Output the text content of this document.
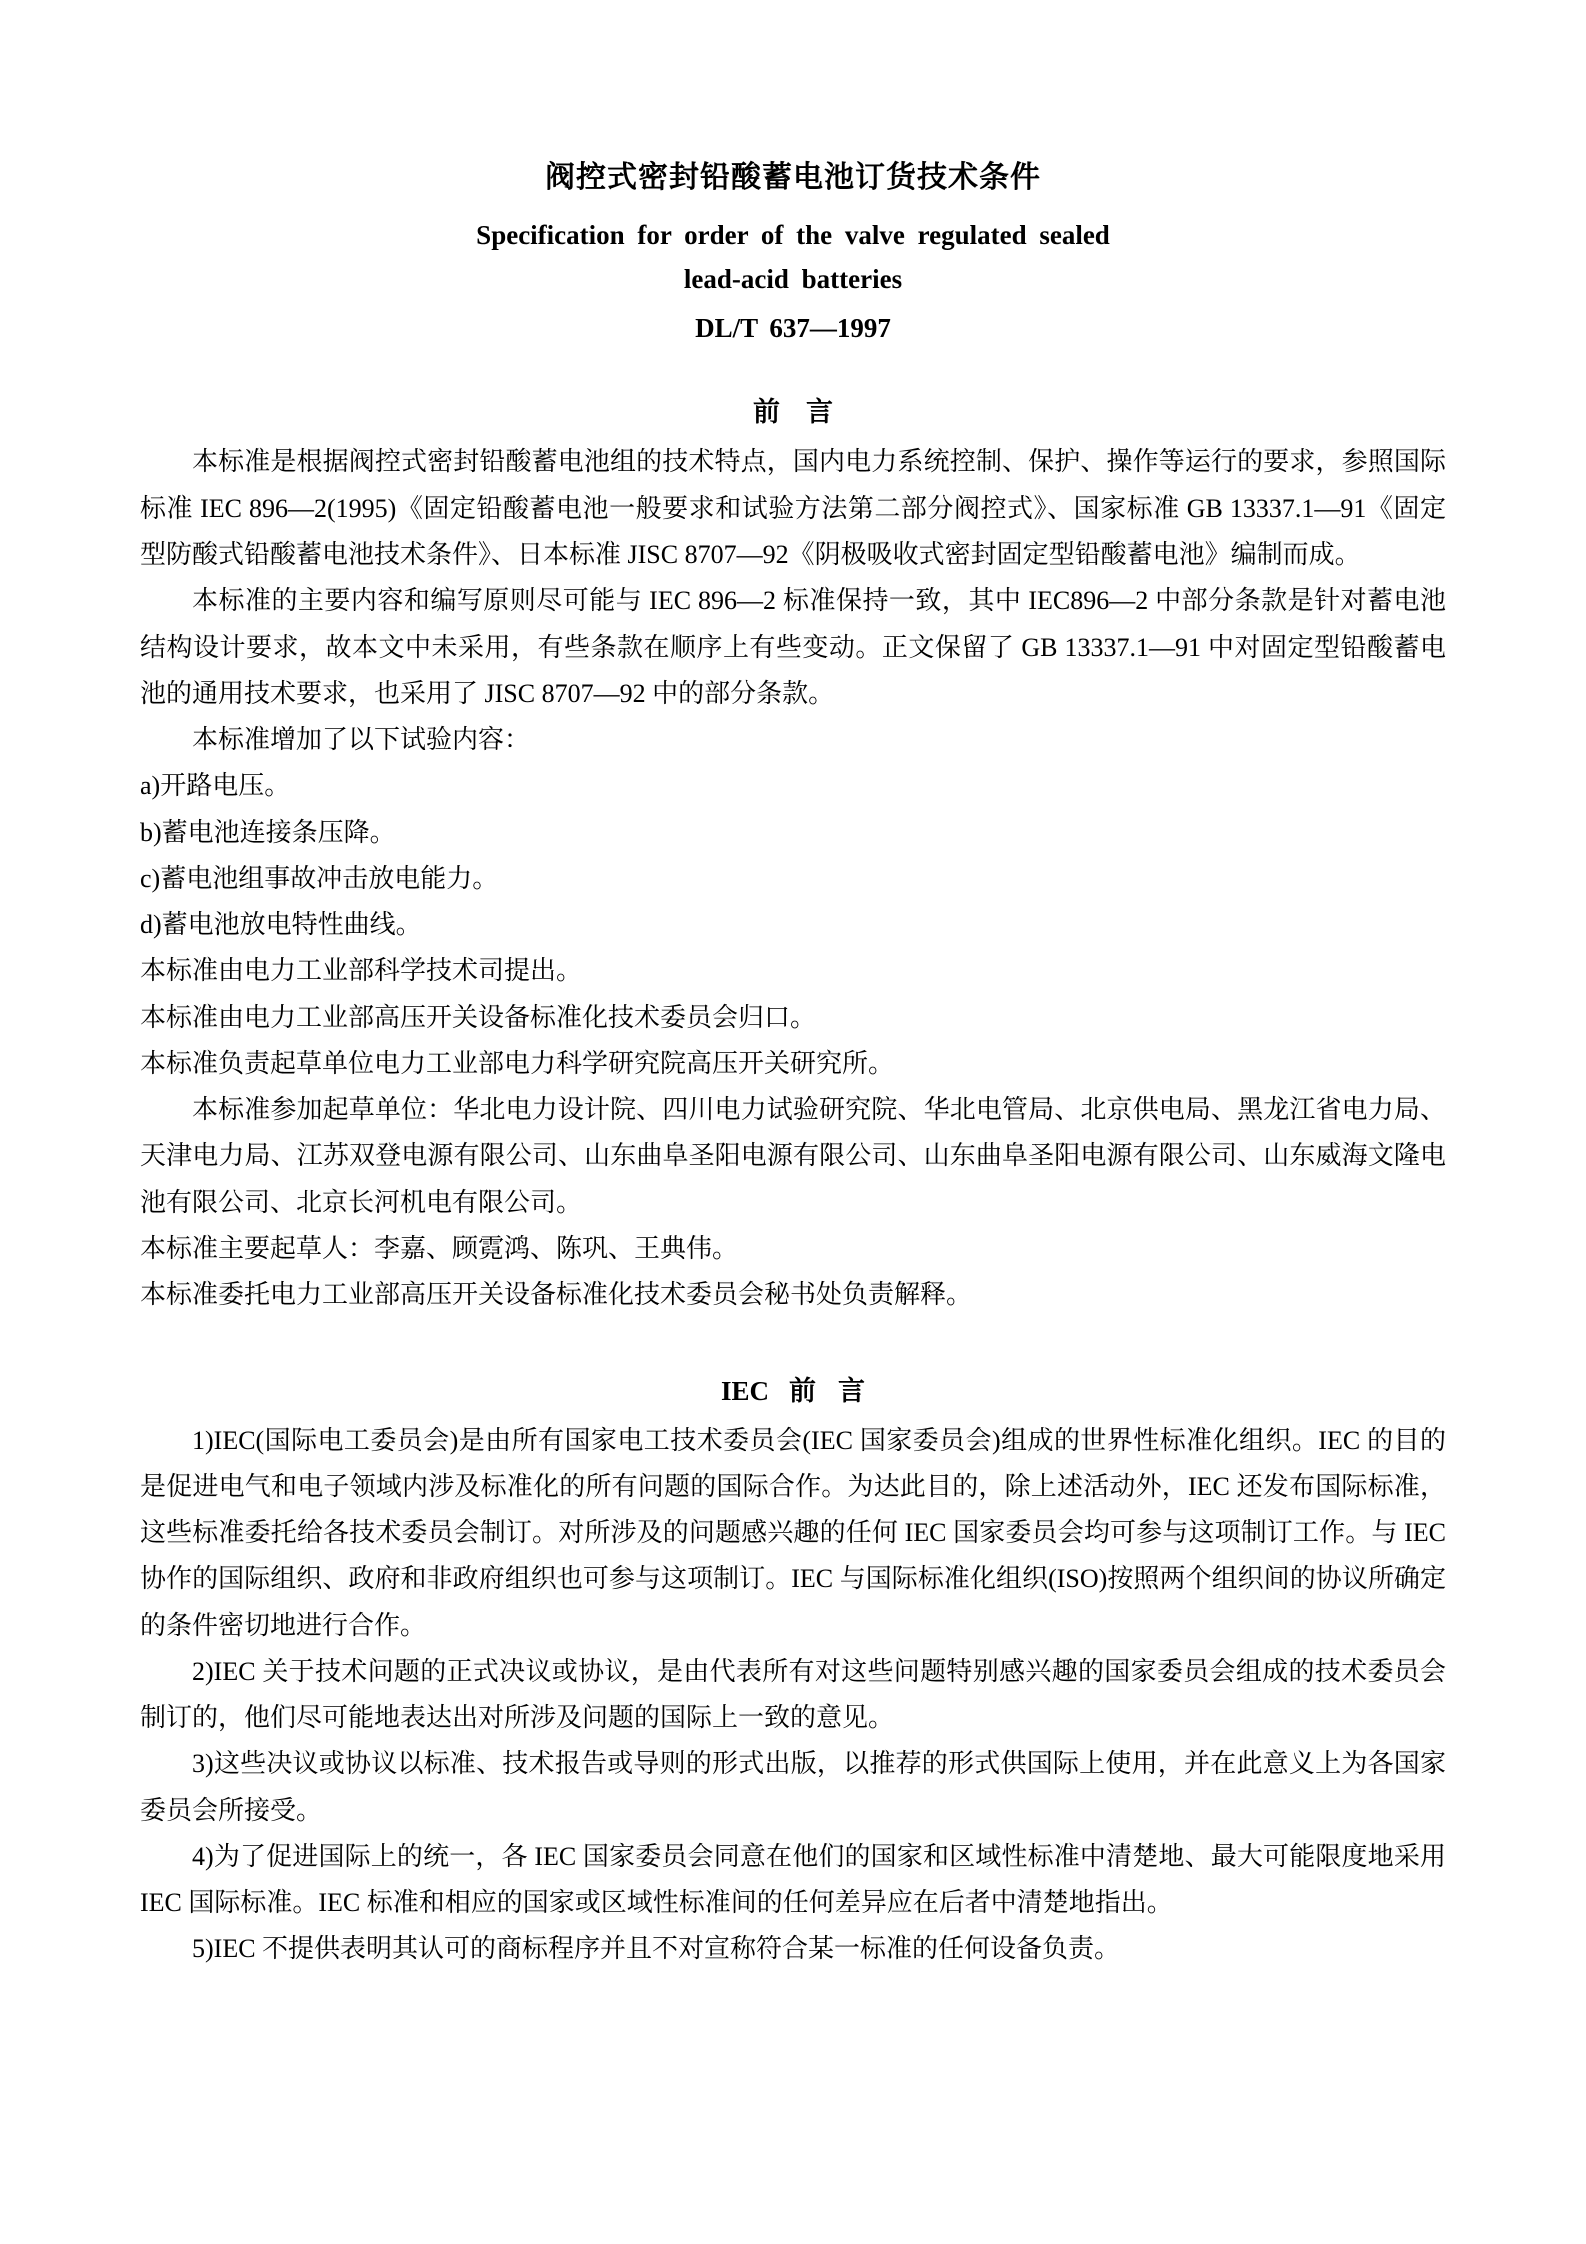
阀控式密封铅酸蓄电池订货技术条件
Specification for order of the valve regulated sealed
lead-acid batteries
DL/T 637—1997
前 言

本标准是根据阀控式密封铅酸蓄电池组的技术特点，国内电力系统控制、保护、操作等运行的要求，参照国际标准 IEC 896—2(1995)《固定铅酸蓄电池一般要求和试验方法第二部分阀控式》、国家标准 GB 13337.1—91《固定型防酸式铅酸蓄电池技术条件》、日本标准 JISC 8707—92《阴极吸收式密封固定型铅酸蓄电池》编制而成。

本标准的主要内容和编写原则尽可能与 IEC 896—2 标准保持一致，其中 IEC896—2 中部分条款是针对蓄电池结构设计要求，故本文中未采用，有些条款在顺序上有些变动。正文保留了 GB 13337.1—91 中对固定型铅酸蓄电池的通用技术要求，也采用了 JISC 8707—92 中的部分条款。

本标准增加了以下试验内容：

a)开路电压。

b)蓄电池连接条压降。

c)蓄电池组事故冲击放电能力。

d)蓄电池放电特性曲线。

本标准由电力工业部科学技术司提出。

本标准由电力工业部高压开关设备标准化技术委员会归口。

本标准负责起草单位电力工业部电力科学研究院高压开关研究所。

本标准参加起草单位：华北电力设计院、四川电力试验研究院、华北电管局、北京供电局、黑龙江省电力局、天津电力局、江苏双登电源有限公司、山东曲阜圣阳电源有限公司、山东曲阜圣阳电源有限公司、山东威海文隆电池有限公司、北京长河机电有限公司。

本标准主要起草人：李嘉、顾霓鸿、陈巩、王典伟。

本标准委托电力工业部高压开关设备标准化技术委员会秘书处负责解释。

IEC 前 言

1)IEC(国际电工委员会)是由所有国家电工技术委员会(IEC 国家委员会)组成的世界性标准化组织。IEC 的目的是促进电气和电子领域内涉及标准化的所有问题的国际合作。为达此目的，除上述活动外，IEC 还发布国际标准，这些标准委托给各技术委员会制订。对所涉及的问题感兴趣的任何 IEC 国家委员会均可参与这项制订工作。与 IEC 协作的国际组织、政府和非政府组织也可参与这项制订。IEC 与国际标准化组织(ISO)按照两个组织间的协议所确定的条件密切地进行合作。

2)IEC 关于技术问题的正式决议或协议，是由代表所有对这些问题特别感兴趣的国家委员会组成的技术委员会制订的，他们尽可能地表达出对所涉及问题的国际上一致的意见。

3)这些决议或协议以标准、技术报告或导则的形式出版，以推荐的形式供国际上使用，并在此意义上为各国家委员会所接受。

4)为了促进国际上的统一，各 IEC 国家委员会同意在他们的国家和区域性标准中清楚地、最大可能限度地采用 IEC 国际标准。IEC 标准和相应的国家或区域性标准间的任何差异应在后者中清楚地指出。

5)IEC 不提供表明其认可的商标程序并且不对宣称符合某一标准的任何设备负责。
